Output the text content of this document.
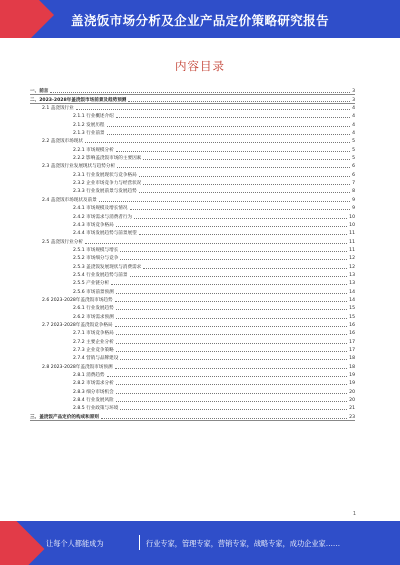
盖浇饭市场分析及企业产品定价策略研究报告
内容目录
一、前言	3
二、2023-2028年盖浇饭市场前景及趋势预测	3
2.1 盖浇饭行业	4
2.1.1 行业概述介绍	4
2.1.2 发展历程	4
2.1.3 行业前景	4
2.2 盖浇饭市场现状	5
2.2.1 市场规模分析	5
2.2.2 影响盖浇饭市场的主要因素	5
2.3 盖浇饭行业发展现状与趋势分析	6
2.3.1 行业发展现状与竞争格局	6
2.3.2 企业市场竞争力与经营状况	7
2.3.3 行业发展前景与发展趋势	8
2.4 盖浇饭市场现状及前景	9
2.4.1 市场规模及增长情况	9
2.4.2 市场需求与消费者行为	10
2.4.3 市场竞争格局	10
2.4.4 市场发展趋势与前景展望	11
2.5 盖浇饭行业分析	11
2.5.1 市场规模与增长	11
2.5.2 市场细分与竞争	12
2.5.3 盖浇饭发展现状与消费需求	12
2.5.4 行业发展趋势与前景	13
2.5.5 产业链分析	13
2.5.6 市场前景预测	14
2.6 2023-2028年盖浇饭市场趋势	14
2.6.1 行业发展趋势	15
2.6.2 市场需求预测	15
2.7 2023-2028年盖浇饭竞争格局	16
2.7.1 市场竞争格局	16
2.7.2 主要企业分析	17
2.7.3 企业竞争策略	17
2.7.4 营销与品牌建设	18
2.8 2023-2028年盖浇饭市场预测	18
2.8.1 消费趋势	19
2.8.2 市场需求分析	19
2.8.3 细分市场机会	20
2.8.4 行业发展风险	20
2.8.5 行业政策与环境	21
三、盖浇饭产品定价的构成和原则	23
1
让每个人都能成为	行业专家，管理专家，营销专家，战略专家，成功企业家……
